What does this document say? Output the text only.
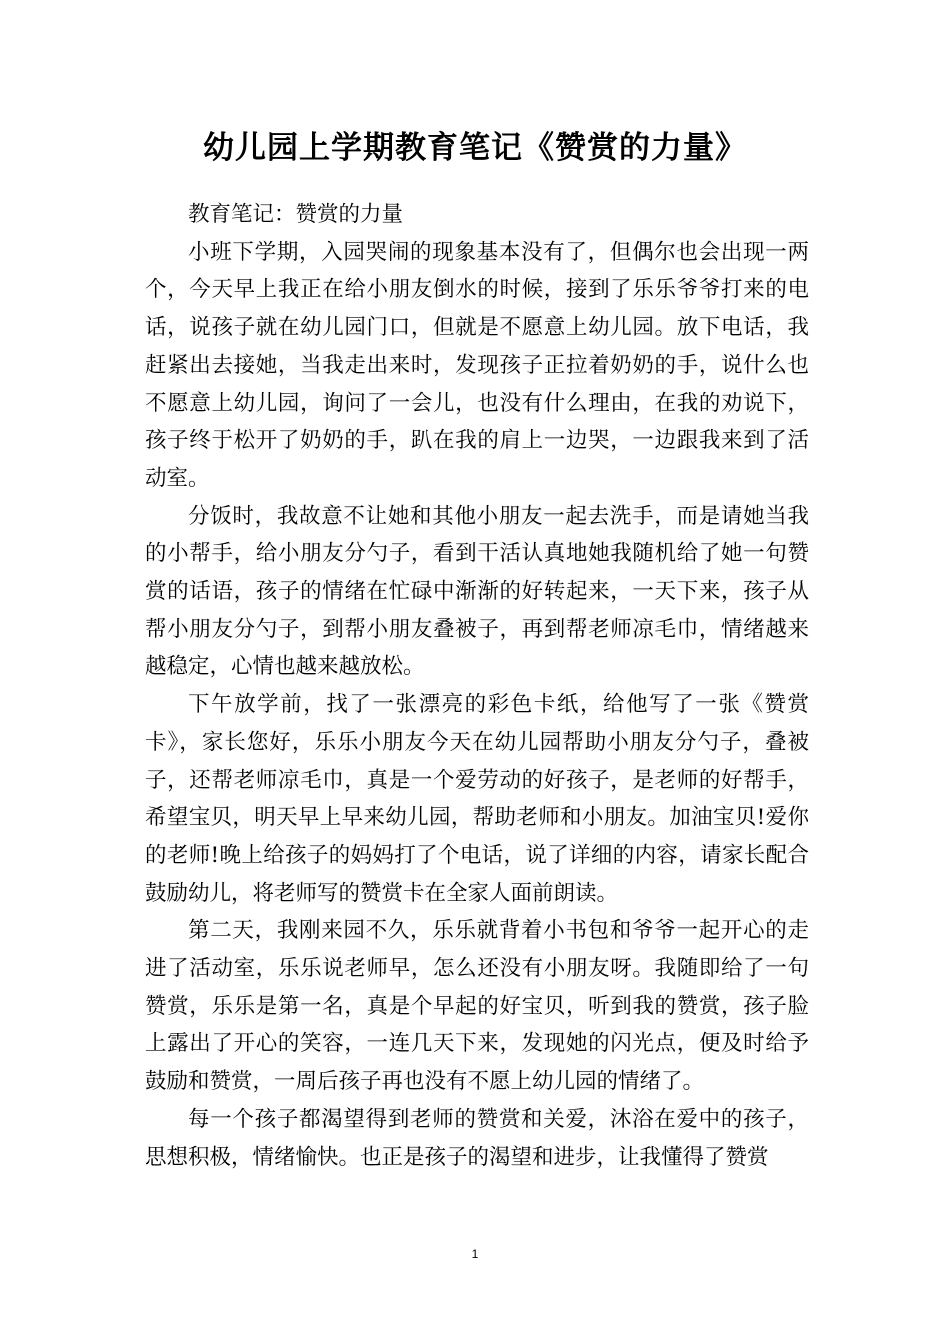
幼儿园上学期教育笔记《赞赏的力量》

教育笔记：赞赏的力量

小班下学期，入园哭闹的现象基本没有了，但偶尔也会出现一两个，今天早上我正在给小朋友倒水的时候，接到了乐乐爷爷打来的电话，说孩子就在幼儿园门口，但就是不愿意上幼儿园。放下电话，我赶紧出去接她，当我走出来时，发现孩子正拉着奶奶的手，说什么也不愿意上幼儿园，询问了一会儿，也没有什么理由，在我的劝说下，孩子终于松开了奶奶的手，趴在我的肩上一边哭，一边跟我来到了活动室。

分饭时，我故意不让她和其他小朋友一起去洗手，而是请她当我的小帮手，给小朋友分勺子，看到干活认真地她我随机给了她一句赞赏的话语，孩子的情绪在忙碌中渐渐的好转起来，一天下来，孩子从帮小朋友分勺子，到帮小朋友叠被子，再到帮老师凉毛巾，情绪越来越稳定，心情也越来越放松。

下午放学前，找了一张漂亮的彩色卡纸，给他写了一张《赞赏卡》，家长您好，乐乐小朋友今天在幼儿园帮助小朋友分勺子，叠被子，还帮老师凉毛巾，真是一个爱劳动的好孩子，是老师的好帮手，希望宝贝，明天早上早来幼儿园，帮助老师和小朋友。加油宝贝!爱你的老师!晚上给孩子的妈妈打了个电话，说了详细的内容，请家长配合鼓励幼儿，将老师写的赞赏卡在全家人面前朗读。

第二天，我刚来园不久，乐乐就背着小书包和爷爷一起开心的走进了活动室，乐乐说老师早，怎么还没有小朋友呀。我随即给了一句赞赏，乐乐是第一名，真是个早起的好宝贝，听到我的赞赏，孩子脸上露出了开心的笑容，一连几天下来，发现她的闪光点，便及时给予鼓励和赞赏，一周后孩子再也没有不愿上幼儿园的情绪了。

每一个孩子都渴望得到老师的赞赏和关爱，沐浴在爱中的孩子，思想积极，情绪愉快。也正是孩子的渴望和进步，让我懂得了赞赏

1
